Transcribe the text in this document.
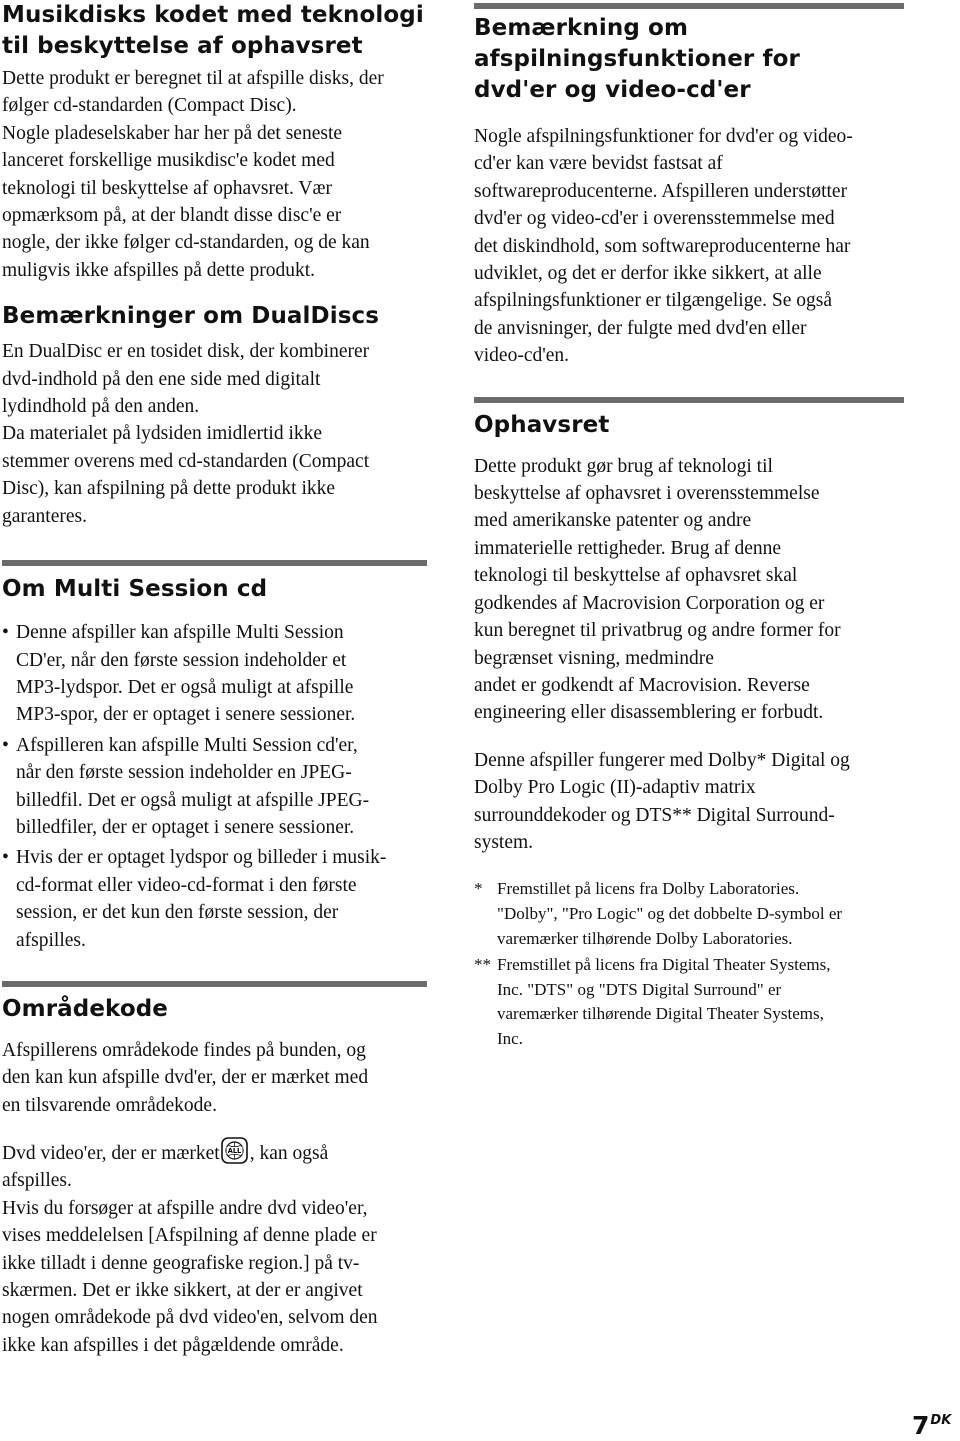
Musikdisks kodet med teknologi
til beskyttelse af ophavsret

Dette produkt er beregnet til at afspille disks, der
følger cd-standarden (Compact Disc).
Nogle pladeselskaber har her på det seneste
lanceret forskellige musikdisc'e kodet med
teknologi til beskyttelse af ophavsret. Vær
opmærksom på, at der blandt disse disc'e er
nogle, der ikke følger cd-standarden, og de kan
muligvis ikke afspilles på dette produkt.

Bemærkninger om DualDiscs

En DualDisc er en tosidet disk, der kombinerer
dvd-indhold på den ene side med digitalt
lydindhold på den anden.
Da materialet på lydsiden imidlertid ikke
stemmer overens med cd-standarden (Compact
Disc), kan afspilning på dette produkt ikke
garanteres.

Om Multi Session cd
• Denne afspiller kan afspille Multi Session
CD'er, når den første session indeholder et
MP3-lydspor. Det er også muligt at afspille
MP3-spor, der er optaget i senere sessioner.
• Afspilleren kan afspille Multi Session cd'er,
når den første session indeholder en JPEG-
billedfil. Det er også muligt at afspille JPEG-
billedfiler, der er optaget i senere sessioner.
• Hvis der er optaget lydspor og billeder i musik-
cd-format eller video-cd-format i den første
session, er det kun den første session, der
afspilles.
Områdekode

Afspillerens områdekode findes på bunden, og
den kan kun afspille dvd'er, der er mærket med
en tilsvarende områdekode.

Dvd video'er, der er mærket ALL , kan også
afspilles.
Hvis du forsøger at afspille andre dvd video'er,
vises meddelelsen [Afspilning af denne plade er
ikke tilladt i denne geografiske region.] på tv-
skærmen. Det er ikke sikkert, at der er angivet
nogen områdekode på dvd video'en, selvom den
ikke kan afspilles i det pågældende område.

Bemærkning om
afspilningsfunktioner for
dvd'er og video-cd'er

Nogle afspilningsfunktioner for dvd'er og video-
cd'er kan være bevidst fastsat af
softwareproducenterne. Afspilleren understøtter
dvd'er og video-cd'er i overensstemmelse med
det diskindhold, som softwareproducenterne har
udviklet, og det er derfor ikke sikkert, at alle
afspilningsfunktioner er tilgængelige. Se også
de anvisninger, der fulgte med dvd'en eller
video-cd'en.

Ophavsret

Dette produkt gør brug af teknologi til
beskyttelse af ophavsret i overensstemmelse
med amerikanske patenter og andre
immaterielle rettigheder. Brug af denne
teknologi til beskyttelse af ophavsret skal
godkendes af Macrovision Corporation og er
kun beregnet til privatbrug og andre former for
begrænset visning, medmindre
andet er godkendt af Macrovision. Reverse
engineering eller disassemblering er forbudt.

Denne afspiller fungerer med Dolby* Digital og
Dolby Pro Logic (II)-adaptiv matrix
surrounddekoder og DTS** Digital Surround-
system.

* Fremstillet på licens fra Dolby Laboratories.
"Dolby", "Pro Logic" og det dobbelte D-symbol er
varemærker tilhørende Dolby Laboratories.
** Fremstillet på licens fra Digital Theater Systems,
Inc. "DTS" og "DTS Digital Surround" er
varemærker tilhørende Digital Theater Systems,
Inc.
$7^{DK}$
